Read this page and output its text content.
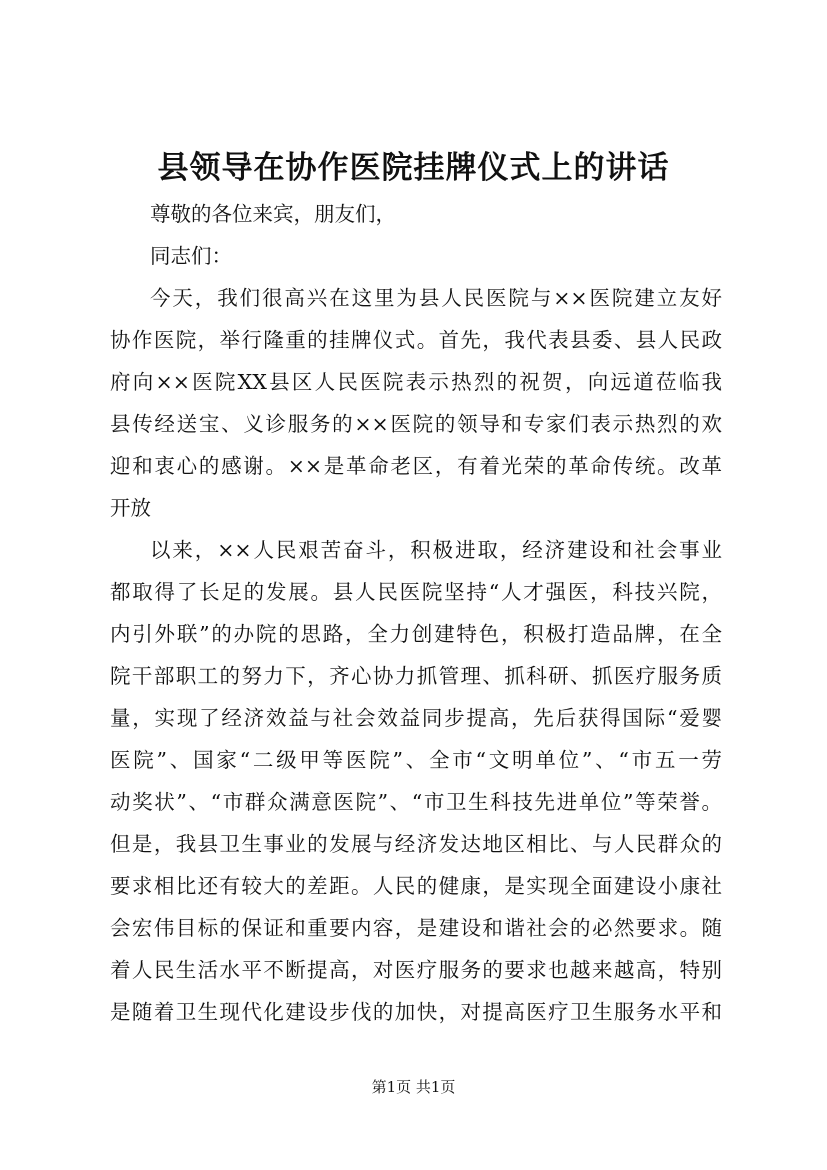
县领导在协作医院挂牌仪式上的讲话
尊敬的各位来宾，朋友们，
同志们：
今天，我们很高兴在这里为县人民医院与××医院建立友好
协作医院，举行隆重的挂牌仪式。首先，我代表县委、县人民政
府向××医院XX县区人民医院表示热烈的祝贺，向远道莅临我
县传经送宝、义诊服务的××医院的领导和专家们表示热烈的欢
迎和衷心的感谢。××是革命老区，有着光荣的革命传统。改革
开放
以来，××人民艰苦奋斗，积极进取，经济建设和社会事业
都取得了长足的发展。县人民医院坚持“人才强医，科技兴院，
内引外联”的办院的思路，全力创建特色，积极打造品牌，在全
院干部职工的努力下，齐心协力抓管理、抓科研、抓医疗服务质
量，实现了经济效益与社会效益同步提高，先后获得国际“爱婴
医院”、国家“二级甲等医院”、全市“文明单位”、“市五一劳
动奖状”、“市群众满意医院”、“市卫生科技先进单位”等荣誉。
但是，我县卫生事业的发展与经济发达地区相比、与人民群众的
要求相比还有较大的差距。人民的健康，是实现全面建设小康社
会宏伟目标的保证和重要内容，是建设和谐社会的必然要求。随
着人民生活水平不断提高，对医疗服务的要求也越来越高，特别
是随着卫生现代化建设步伐的加快，对提高医疗卫生服务水平和
第1页 共1页
